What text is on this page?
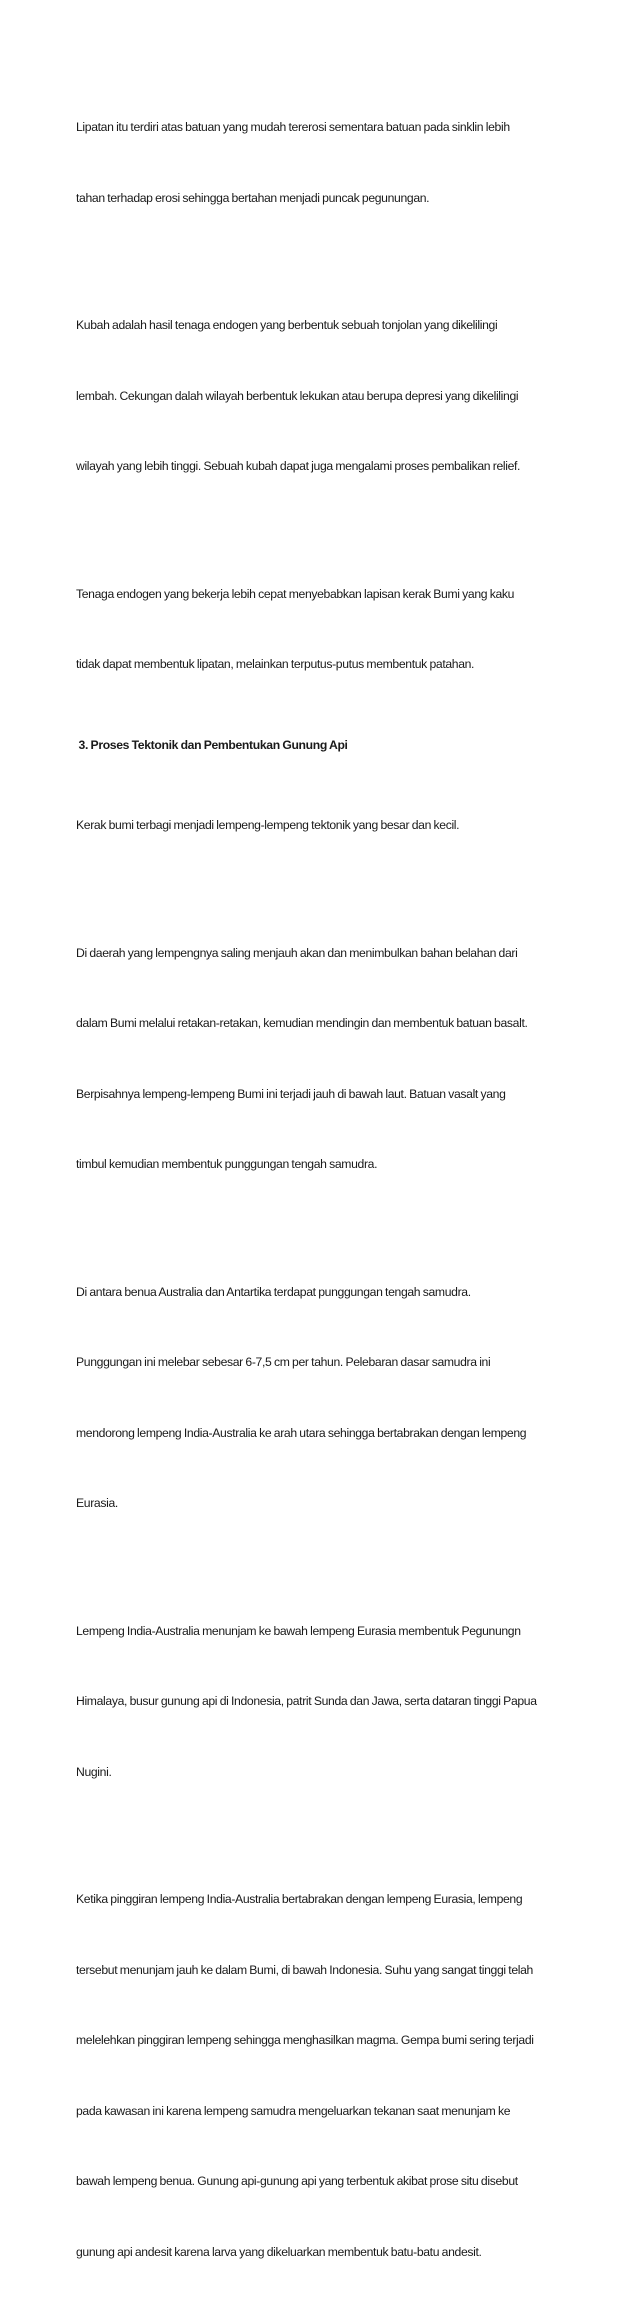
Lipatan itu terdiri atas batuan yang mudah tererosi sementara batuan pada sinklin lebih

tahan terhadap erosi sehingga bertahan menjadi puncak pegunungan.

Kubah adalah hasil tenaga endogen yang berbentuk sebuah tonjolan yang dikelilingi

lembah. Cekungan dalah wilayah berbentuk lekukan atau berupa depresi yang dikelilingi

wilayah yang lebih tinggi. Sebuah kubah dapat juga mengalami proses pembalikan relief.

Tenaga endogen yang bekerja lebih cepat menyebabkan lapisan kerak Bumi yang kaku

tidak dapat membentuk lipatan, melainkan terputus-putus membentuk patahan.

3. Proses Tektonik dan Pembentukan Gunung Api

Kerak bumi terbagi menjadi lempeng-lempeng tektonik yang besar dan kecil.

Di daerah yang lempengnya saling menjauh akan dan menimbulkan bahan belahan dari

dalam Bumi melalui retakan-retakan, kemudian mendingin dan membentuk batuan basalt.

Berpisahnya lempeng-lempeng Bumi ini terjadi jauh di bawah laut. Batuan vasalt yang

timbul kemudian membentuk punggungan tengah samudra.

Di antara benua Australia dan Antartika terdapat punggungan tengah samudra.

Punggungan ini melebar sebesar 6-7,5 cm per tahun. Pelebaran dasar samudra ini

mendorong lempeng India-Australia ke arah utara sehingga bertabrakan dengan lempeng

Eurasia.

Lempeng India-Australia menunjam ke bawah lempeng Eurasia membentuk Pegunungn

Himalaya, busur gunung api di Indonesia, patrit Sunda dan Jawa, serta dataran tinggi Papua

Nugini.

Ketika pinggiran lempeng India-Australia bertabrakan dengan lempeng Eurasia, lempeng

tersebut menunjam jauh ke dalam Bumi, di bawah Indonesia. Suhu yang sangat tinggi telah

melelehkan pinggiran lempeng sehingga menghasilkan magma. Gempa bumi sering terjadi

pada kawasan ini karena lempeng samudra mengeluarkan tekanan saat menunjam ke

bawah lempeng benua. Gunung api-gunung api yang terbentuk akibat prose situ disebut

gunung api andesit karena larva yang dikeluarkan membentuk batu-batu andesit.
